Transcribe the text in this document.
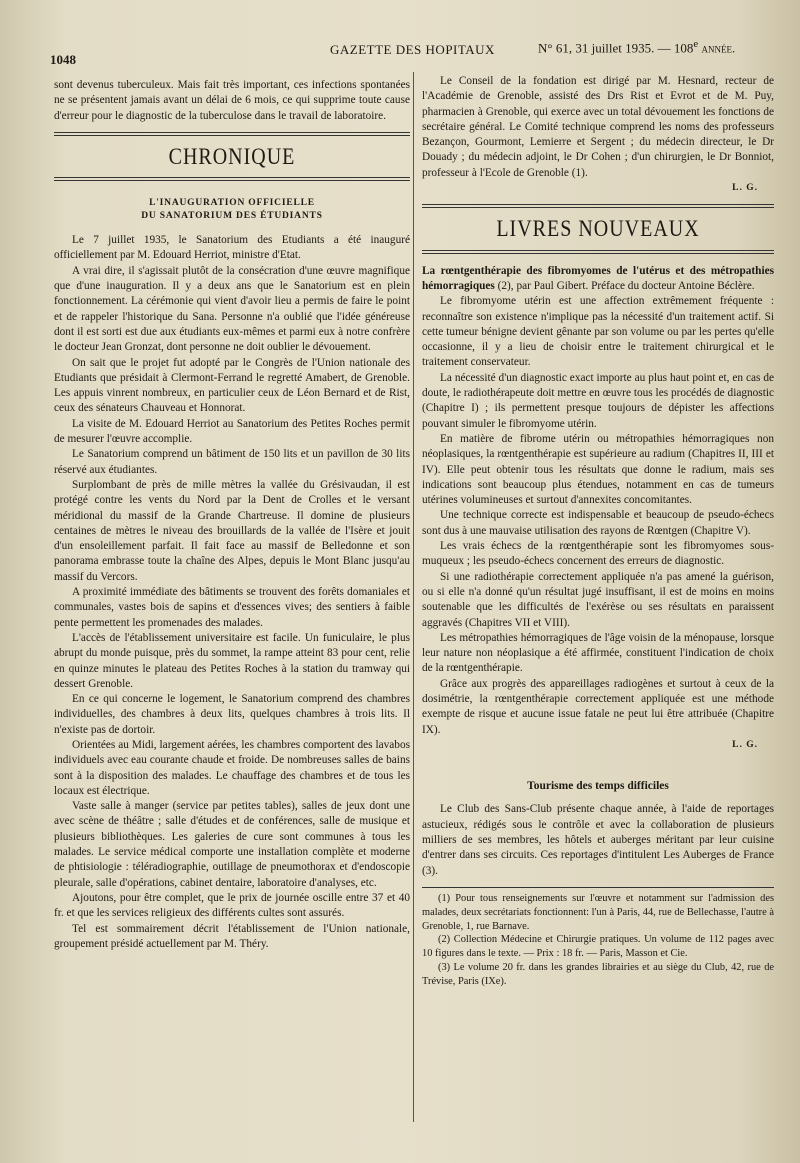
1048
GAZETTE DES HOPITAUX	N° 61, 31 juillet 1935. — 108e année.

sont devenus tuberculeux. Mais fait très important, ces infections spontanées ne se présentent jamais avant un délai de 6 mois, ce qui supprime toute cause d'erreur pour le diagnostic de la tuberculose dans le travail de laboratoire.

CHRONIQUE
L'INAUGURATION OFFICIELLE
DU SANATORIUM DES ÉTUDIANTS

Le 7 juillet 1935, le Sanatorium des Etudiants a été inauguré officiellement par M. Edouard Herriot, ministre d'Etat.

A vrai dire, il s'agissait plutôt de la consécration d'une œuvre magnifique que d'une inauguration. Il y a deux ans que le Sanatorium est en plein fonctionnement. La cérémonie qui vient d'avoir lieu a permis de faire le point et de rappeler l'historique du Sana. Personne n'a oublié que l'idée généreuse dont il est sorti est due aux étudiants eux-mêmes et parmi eux à notre confrère le docteur Jean Gronzat, dont personne ne doit oublier le dévouement.

On sait que le projet fut adopté par le Congrès de l'Union nationale des Etudiants que présidait à Clermont-Ferrand le regretté Amabert, de Grenoble. Les appuis vinrent nombreux, en particulier ceux de Léon Bernard et de Rist, ceux des sénateurs Chauveau et Honnorat.

La visite de M. Edouard Herriot au Sanatorium des Petites Roches permit de mesurer l'œuvre accomplie.

Le Sanatorium comprend un bâtiment de 150 lits et un pavillon de 30 lits réservé aux étudiantes.

Surplombant de près de mille mètres la vallée du Grésivaudan, il est protégé contre les vents du Nord par la Dent de Crolles et le versant méridional du massif de la Grande Chartreuse. Il domine de plusieurs centaines de mètres le niveau des brouillards de la vallée de l'Isère et jouit d'un ensoleillement parfait. Il fait face au massif de Belledonne et son panorama embrasse toute la chaîne des Alpes, depuis le Mont Blanc jusqu'au massif du Vercors.

A proximité immédiate des bâtiments se trouvent des forêts domaniales et communales, vastes bois de sapins et d'essences vives; des sentiers à faible pente permettent les promenades des malades.

L'accès de l'établissement universitaire est facile. Un funiculaire, le plus abrupt du monde puisque, près du sommet, la rampe atteint 83 pour cent, relie en quinze minutes le plateau des Petites Roches à la station du tramway qui dessert Grenoble.

En ce qui concerne le logement, le Sanatorium comprend des chambres individuelles, des chambres à deux lits, quelques chambres à trois lits. Il n'existe pas de dortoir.

Orientées au Midi, largement aérées, les chambres comportent des lavabos individuels avec eau courante chaude et froide. De nombreuses salles de bains sont à la disposition des malades. Le chauffage des chambres et de tous les locaux est électrique.

Vaste salle à manger (service par petites tables), salles de jeux dont une avec scène de théâtre ; salle d'études et de conférences, salle de musique et plusieurs bibliothèques. Les galeries de cure sont communes à tous les malades. Le service médical comporte une installation complète et moderne de phtisiologie : téléradiographie, outillage de pneumothorax et d'endoscopie pleurale, salle d'opérations, cabinet dentaire, laboratoire d'analyses, etc.

Ajoutons, pour être complet, que le prix de journée oscille entre 37 et 40 fr. et que les services religieux des différents cultes sont assurés.

Tel est sommairement décrit l'établissement de l'Union nationale, groupement présidé actuellement par M. Théry.

Le Conseil de la fondation est dirigé par M. Hesnard, recteur de l'Académie de Grenoble, assisté des Drs Rist et Evrot et de M. Puy, pharmacien à Grenoble, qui exerce avec un total dévouement les fonctions de secrétaire général. Le Comité technique comprend les noms des professeurs Bezançon, Gourmont, Lemierre et Sergent ; du médecin directeur, le Dr Douady ; du médecin adjoint, le Dr Cohen ; d'un chirurgien, le Dr Bonniot, professeur à l'Ecole de Grenoble (1).

L. G.
LIVRES NOUVEAUX

La rœntgenthérapie des fibromyomes de l'utérus et des métropathies hémorragiques (2), par Paul Gibert. Préface du docteur Antoine Béclère.

Le fibromyome utérin est une affection extrêmement fréquente : reconnaître son existence n'implique pas la nécessité d'un traitement actif. Si cette tumeur bénigne devient gênante par son volume ou par les pertes qu'elle occasionne, il y a lieu de choisir entre le traitement chirurgical et le traitement conservateur.

La nécessité d'un diagnostic exact importe au plus haut point et, en cas de doute, le radiothérapeute doit mettre en œuvre tous les procédés de diagnostic (Chapitre I) ; ils permettent presque toujours de dépister les affections pouvant simuler le fibromyome utérin.

En matière de fibrome utérin ou métropathies hémorragiques non néoplasiques, la rœntgenthérapie est supérieure au radium (Chapitres II, III et IV). Elle peut obtenir tous les résultats que donne le radium, mais ses indications sont beaucoup plus étendues, notamment en cas de tumeurs utérines volumineuses et surtout d'annexites concomitantes.

Une technique correcte est indispensable et beaucoup de pseudo-échecs sont dus à une mauvaise utilisation des rayons de Rœntgen (Chapitre V).

Les vrais échecs de la rœntgenthérapie sont les fibromyomes sous-muqueux ; les pseudo-échecs concernent des erreurs de diagnostic.

Si une radiothérapie correctement appliquée n'a pas amené la guérison, ou si elle n'a donné qu'un résultat jugé insuffisant, il est de moins en moins soutenable que les difficultés de l'exérèse ou ses résultats en paraissent aggravés (Chapitres VII et VIII).

Les métropathies hémorragiques de l'âge voisin de la ménopause, lorsque leur nature non néoplasique a été affirmée, constituent l'indication de choix de la rœntgenthérapie.

Grâce aux progrès des appareillages radiogènes et surtout à ceux de la dosimétrie, la rœntgenthérapie correctement appliquée est une méthode exempte de risque et aucune issue fatale ne peut lui être attribuée (Chapitre IX).

L. G.
Tourisme des temps difficiles

Le Club des Sans-Club présente chaque année, à l'aide de reportages astucieux, rédigés sous le contrôle et avec la collaboration de plusieurs milliers de ses membres, les hôtels et auberges méritant par leur cuisine d'entrer dans ses circuits. Ces reportages d'intitulent Les Auberges de France (3).

(1) Pour tous renseignements sur l'œuvre et notamment sur l'admission des malades, deux secrétariats fonctionnent: l'un à Paris, 44, rue de Bellechasse, l'autre à Grenoble, 1, rue Barnave.

(2) Collection Médecine et Chirurgie pratiques. Un volume de 112 pages avec 10 figures dans le texte. — Prix : 18 fr. — Paris, Masson et Cie.

(3) Le volume 20 fr. dans les grandes librairies et au siège du Club, 42, rue de Trévise, Paris (IXe).
